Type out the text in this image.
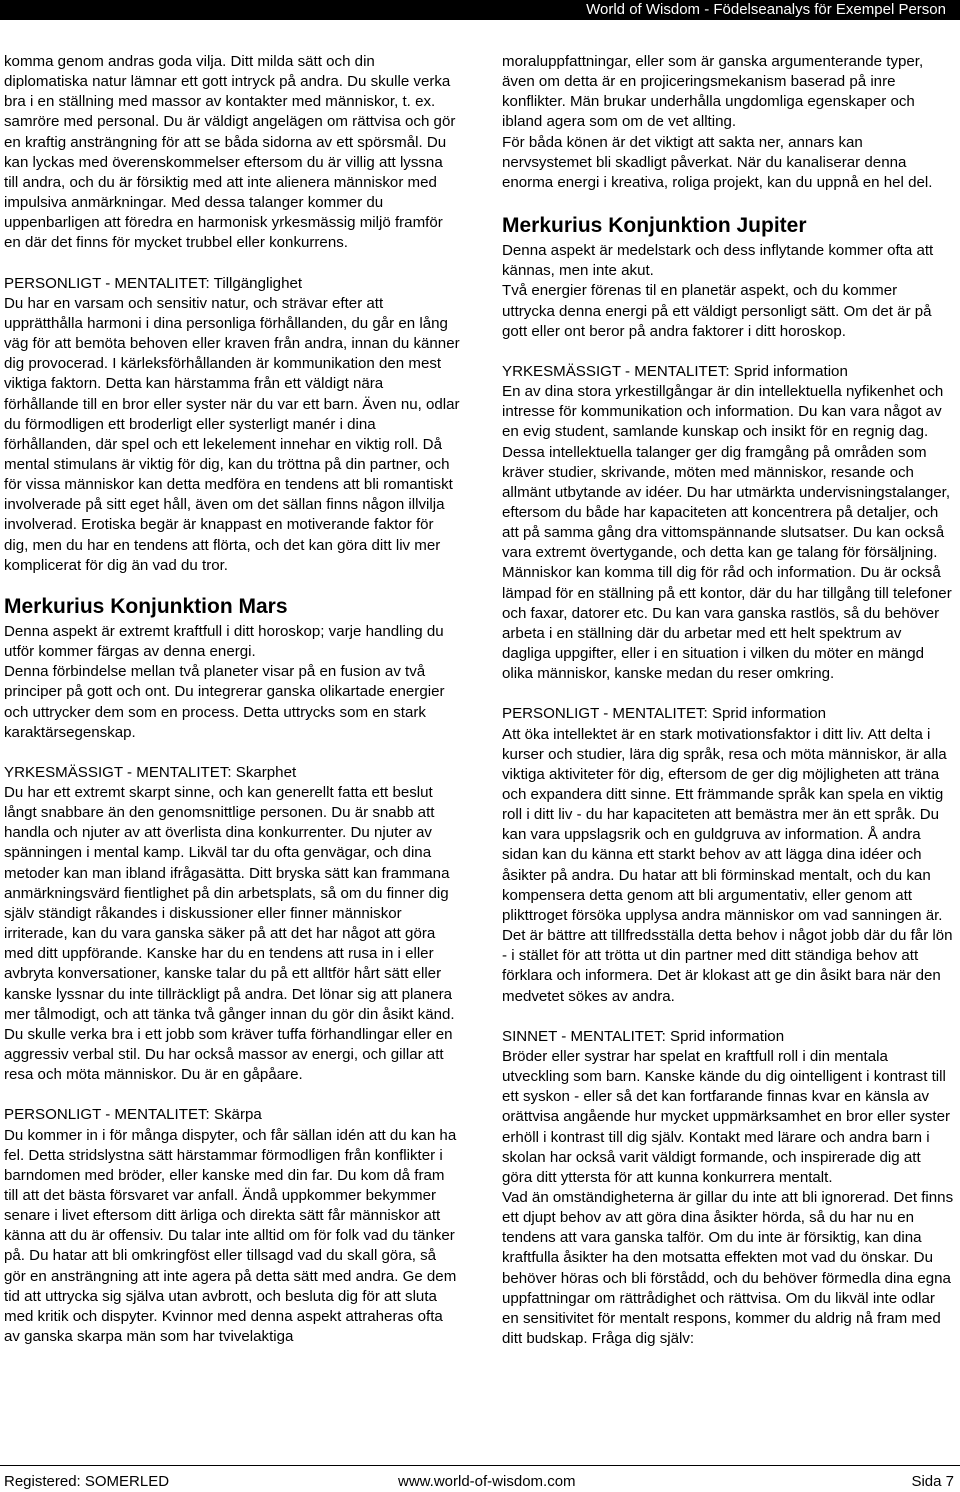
World of Wisdom - Födelseanalys för Exempel Person

komma genom andras goda vilja. Ditt milda sätt och din diplomatiska natur lämnar ett gott intryck på andra. Du skulle verka bra i en ställning med massor av kontakter med människor, t. ex. samröre med personal. Du är väldigt angelägen om rättvisa och gör en kraftig ansträngning för att se båda sidorna av ett spörsmål. Du kan lyckas med överenskommelser eftersom du är villig att lyssna till andra, och du är försiktig med att inte alienera människor med impulsiva anmärkningar. Med dessa talanger kommer du uppenbarligen att föredra en harmonisk yrkesmässig miljö framför en där det finns för mycket trubbel eller konkurrens.

PERSONLIGT - MENTALITET: Tillgänglighet

Du har en varsam och sensitiv natur, och strävar efter att upprätthålla harmoni i dina personliga förhållanden, du går en lång väg för att bemöta behoven eller kraven från andra, innan du känner dig provocerad. I kärleksförhållanden är kommunikation den mest viktiga faktorn. Detta kan härstamma från ett väldigt nära förhållande till en bror eller syster när du var ett barn. Även nu, odlar du förmodligen ett broderligt eller systerligt manér i dina förhållanden, där spel och ett lekelement innehar en viktig roll. Då mental stimulans är viktig för dig, kan du tröttna på din partner, och för vissa människor kan detta medföra en tendens att bli romantiskt involverade på sitt eget håll, även om det sällan finns någon illvilja involverad. Erotiska begär är knappast en motiverande faktor för dig, men du har en tendens att flörta, och det kan göra ditt liv mer komplicerat för dig än vad du tror.

Merkurius Konjunktion Mars

Denna aspekt är extremt kraftfull i ditt horoskop; varje handling du utför kommer färgas av denna energi.

Denna förbindelse mellan två planeter visar på en fusion av två principer på gott och ont. Du integrerar ganska olikartade energier och uttrycker dem som en process. Detta uttrycks som en stark karaktärsegenskap.

YRKESMÄSSIGT - MENTALITET: Skarphet

Du har ett extremt skarpt sinne, och kan generellt fatta ett beslut långt snabbare än den genomsnittlige personen. Du är snabb att handla och njuter av att överlista dina konkurrenter. Du njuter av spänningen i mental kamp. Likväl tar du ofta genvägar, och dina metoder kan man ibland ifrågasätta. Ditt bryska sätt kan frammana anmärkningsvärd fientlighet på din arbetsplats, så om du finner dig själv ständigt råkandes i diskussioner eller finner människor irriterade, kan du vara ganska säker på att det har något att göra med ditt uppförande. Kanske har du en tendens att rusa in i eller avbryta konversationer, kanske talar du på ett alltför hårt sätt eller kanske lyssnar du inte tillräckligt på andra. Det lönar sig att planera mer tålmodigt, och att tänka två gånger innan du gör din åsikt känd. Du skulle verka bra i ett jobb som kräver tuffa förhandlingar eller en aggressiv verbal stil. Du har också massor av energi, och gillar att resa och möta människor. Du är en gåpåare.

PERSONLIGT - MENTALITET: Skärpa

Du kommer in i för många dispyter, och får sällan idén att du kan ha fel. Detta stridslystna sätt härstammar förmodligen från konflikter i barndomen med bröder, eller kanske med din far. Du kom då fram till att det bästa försvaret var anfall. Ändå uppkommer bekymmer senare i livet eftersom ditt ärliga och direkta sätt får människor att känna att du är offensiv. Du talar inte alltid om för folk vad du tänker på. Du hatar att bli omkringföst eller tillsagd vad du skall göra, så gör en ansträngning att inte agera på detta sätt med andra. Ge dem tid att uttrycka sig själva utan avbrott, och besluta dig för att sluta med kritik och dispyter. Kvinnor med denna aspekt attraheras ofta av ganska skarpa män som har tvivelaktiga

moraluppfattningar, eller som är ganska argumenterande typer, även om detta är en projiceringsmekanism baserad på inre konflikter. Män brukar underhålla ungdomliga egenskaper och ibland agera som om de vet allting.

För båda könen är det viktigt att sakta ner, annars kan nervsystemet bli skadligt påverkat. När du kanaliserar denna enorma energi i kreativa, roliga projekt, kan du uppnå en hel del.

Merkurius Konjunktion Jupiter

Denna aspekt är medelstark och dess inflytande kommer ofta att kännas, men inte akut.

Två energier förenas til en planetär aspekt, och du kommer uttrycka denna energi på ett väldigt personligt sätt. Om det är på gott eller ont beror på andra faktorer i ditt horoskop.

YRKESMÄSSIGT - MENTALITET: Sprid information

En av dina stora yrkestillgångar är din intellektuella nyfikenhet och intresse för kommunikation och information. Du kan vara något av en evig student, samlande kunskap och insikt för en regnig dag. Dessa intellektuella talanger ger dig framgång på områden som kräver studier, skrivande, möten med människor, resande och allmänt utbytande av idéer. Du har utmärkta undervisningstalanger, eftersom du både har kapaciteten att koncentrera på detaljer, och att på samma gång dra vittomspännande slutsatser. Du kan också vara extremt övertygande, och detta kan ge talang för försäljning. Människor kan komma till dig för råd och information. Du är också lämpad för en ställning på ett kontor, där du har tillgång till telefoner och faxar, datorer etc. Du kan vara ganska rastlös, så du behöver arbeta i en ställning där du arbetar med ett helt spektrum av dagliga uppgifter, eller i en situation i vilken du möter en mängd olika människor, kanske medan du reser omkring.

PERSONLIGT - MENTALITET: Sprid information

Att öka intellektet är en stark motivationsfaktor i ditt liv. Att delta i kurser och studier, lära dig språk, resa och möta människor, är alla viktiga aktiviteter för dig, eftersom de ger dig möjligheten att träna och expandera ditt sinne. Ett främmande språk kan spela en viktig roll i ditt liv - du har kapaciteten att bemästra mer än ett språk. Du kan vara uppslagsrik och en guldgruva av information. Å andra sidan kan du känna ett starkt behov av att lägga dina idéer och åsikter på andra. Du hatar att bli förminskad mentalt, och du kan kompensera detta genom att bli argumentativ, eller genom att plikttroget försöka upplysa andra människor om vad sanningen är. Det är bättre att tillfredsställa detta behov i något jobb där du får lön - i stället för att trötta ut din partner med ditt ständiga behov att förklara och informera. Det är klokast att ge din åsikt bara när den medvetet sökes av andra.

SINNET - MENTALITET: Sprid information

Bröder eller systrar har spelat en kraftfull roll i din mentala utveckling som barn. Kanske kände du dig ointelligent i kontrast till ett syskon - eller så det kan fortfarande finnas kvar en känsla av orättvisa angående hur mycket uppmärksamhet en bror eller syster erhöll i kontrast till dig själv. Kontakt med lärare och andra barn i skolan har också varit väldigt formande, och inspirerade dig att göra ditt yttersta för att kunna konkurrera mentalt.

Vad än omständigheterna är gillar du inte att bli ignorerad. Det finns ett djupt behov av att göra dina åsikter hörda, så du har nu en tendens att vara ganska talför. Om du inte är försiktig, kan dina kraftfulla åsikter ha den motsatta effekten mot vad du önskar. Du behöver höras och bli förstådd, och du behöver förmedla dina egna uppfattningar om rättrådighet och rättvisa. Om du likväl inte odlar en sensitivitet för mentalt respons, kommer du aldrig nå fram med ditt budskap. Fråga dig själv:

Registered: SOMERLED	www.world-of-wisdom.com	Sida 7
